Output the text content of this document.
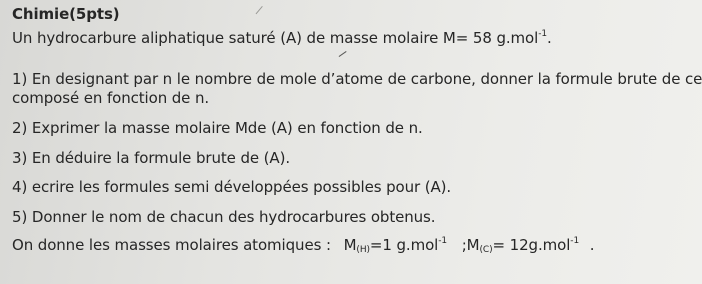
Chimie(5pts)
Un hydrocarbure aliphatique saturé (A) de masse molaire M= 58 g.mol$^{-1}$.
1) En designant par n le nombre de mole d’atome de carbone, donner la formule brute de ce
composé en fonction de n.
2) Exprimer la masse molaire Mde (A) en fonction de n.
3) En déduire la formule brute de (A).
4) ecrire les formules semi développées possibles pour (A).
5) Donner le nom de chacun des hydrocarbures obtenus.
On donne les masses molaires atomiques : $M_{(H)}=1$ g.mol$^{-1}$ $;M_{(C)}= 12g.mol^{-1}$ .
